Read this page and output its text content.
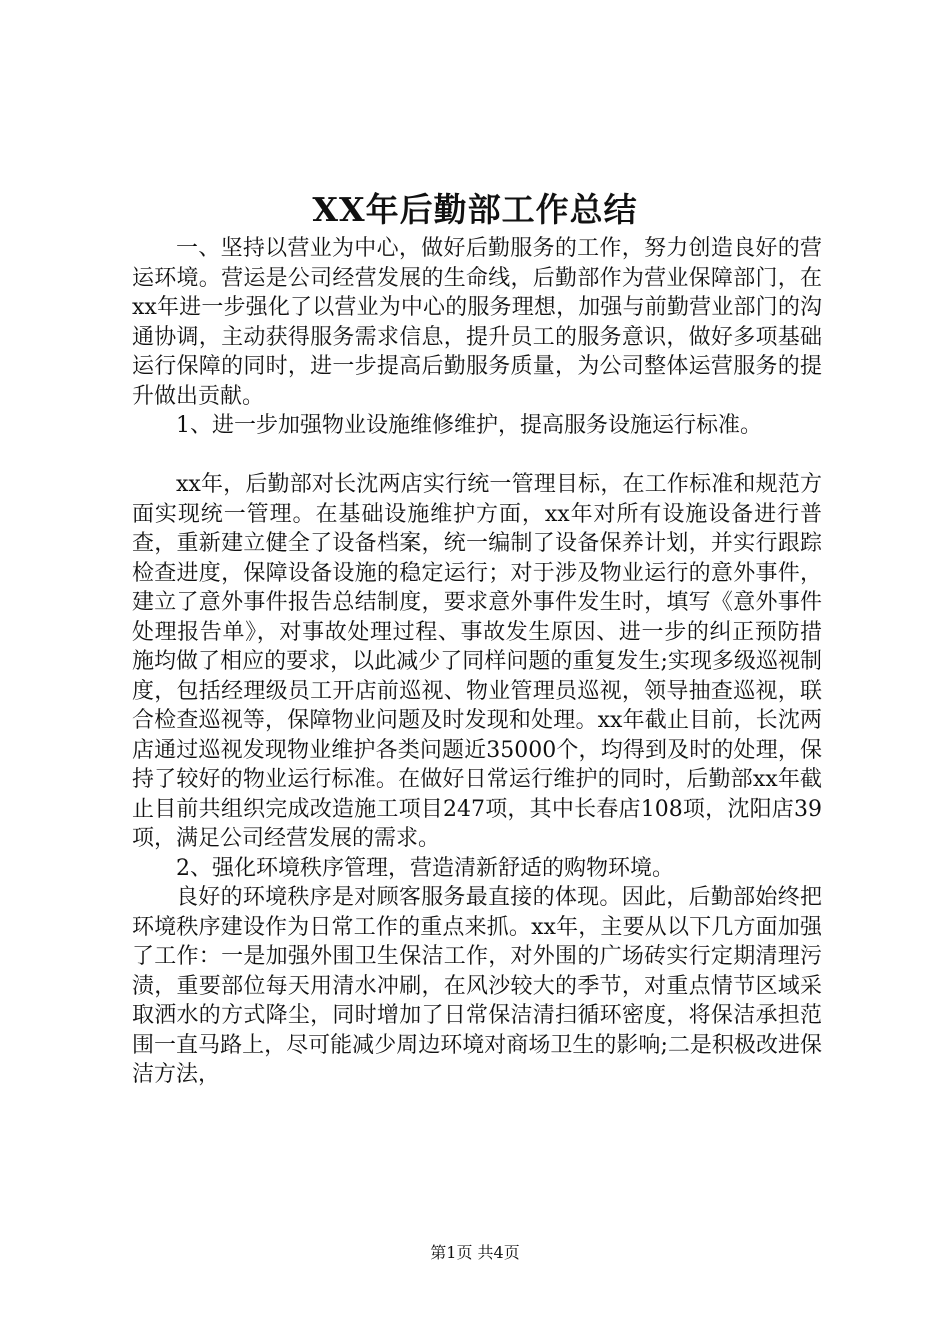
XX年后勤部工作总结

一、坚持以营业为中心，做好后勤服务的工作，努力创造良好的营运环境。营运是公司经营发展的生命线，后勤部作为营业保障部门，在xx年进一步强化了以营业为中心的服务理想，加强与前勤营业部门的沟通协调，主动获得服务需求信息，提升员工的服务意识，做好多项基础运行保障的同时，进一步提高后勤服务质量，为公司整体运营服务的提升做出贡献。

1、进一步加强物业设施维修维护，提高服务设施运行标准。

xx年，后勤部对长沈两店实行统一管理目标，在工作标准和规范方面实现统一管理。在基础设施维护方面，xx年对所有设施设备进行普查，重新建立健全了设备档案，统一编制了设备保养计划，并实行跟踪检查进度，保障设备设施的稳定运行；对于涉及物业运行的意外事件，建立了意外事件报告总结制度，要求意外事件发生时，填写《意外事件处理报告单》，对事故处理过程、事故发生原因、进一步的纠正预防措施均做了相应的要求，以此减少了同样问题的重复发生;实现多级巡视制度，包括经理级员工开店前巡视、物业管理员巡视，领导抽查巡视，联合检查巡视等，保障物业问题及时发现和处理。xx年截止目前，长沈两店通过巡视发现物业维护各类问题近35000个，均得到及时的处理，保持了较好的物业运行标准。在做好日常运行维护的同时，后勤部xx年截止目前共组织完成改造施工项目247项，其中长春店108项，沈阳店39项，满足公司经营发展的需求。

2、强化环境秩序管理，营造清新舒适的购物环境。

良好的环境秩序是对顾客服务最直接的体现。因此，后勤部始终把环境秩序建设作为日常工作的重点来抓。xx年，主要从以下几方面加强了工作：一是加强外围卫生保洁工作，对外围的广场砖实行定期清理污渍，重要部位每天用清水冲刷，在风沙较大的季节，对重点情节区域采取洒水的方式降尘，同时增加了日常保洁清扫循环密度，将保洁承担范围一直马路上，尽可能减少周边环境对商场卫生的影响;二是积极改进保洁方法，

第1页 共4页
